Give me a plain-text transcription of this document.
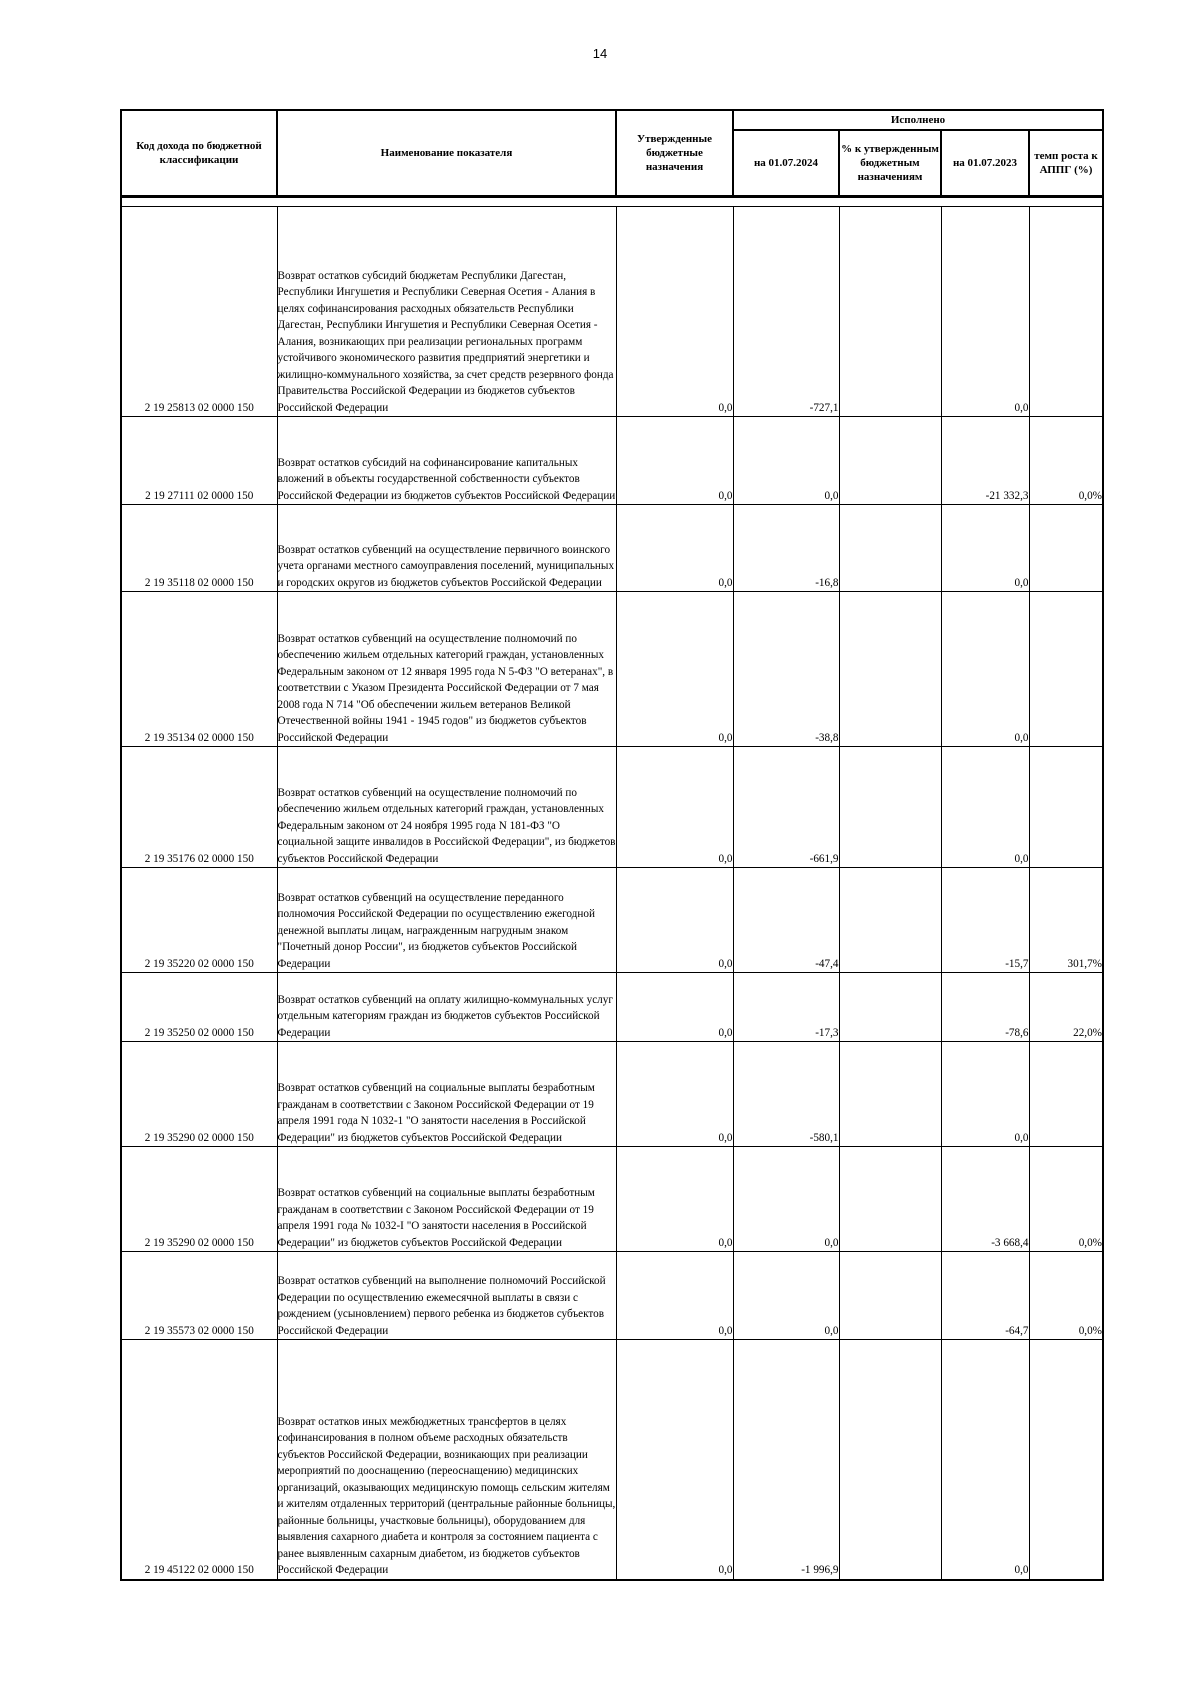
14
Код дохода по бюджетной классификации	Наименование показателя	Утвержденные бюджетные назначения	Исполнено			
			на 01.07.2024	% к утвержденным бюджетным назначениям	на 01.07.2023	темп роста к АППГ (%)

2 19 25813 02 0000 150	Возврат остатков субсидий бюджетам Республики Дагестан, Республики Ингушетия и Республики Северная Осетия - Алания в целях софинансирования расходных обязательств Республики Дагестан, Республики Ингушетия и Республики Северная Осетия - Алания, возникающих при реализации региональных программ устойчивого экономического развития предприятий энергетики и жилищно-коммунального хозяйства, за счет средств резервного фонда Правительства Российской Федерации из бюджетов субъектов Российской Федерации	0,0	-727,1		0,0	
2 19 27111 02 0000 150	Возврат остатков субсидий на софинансирование капитальных вложений в объекты государственной собственности субъектов Российской Федерации из бюджетов субъектов Российской Федерации	0,0	0,0		-21 332,3	0,0%
2 19 35118 02 0000 150	Возврат остатков субвенций на осуществление первичного воинского учета органами местного самоуправления поселений, муниципальных и городских округов из бюджетов субъектов Российской Федерации	0,0	-16,8		0,0	
2 19 35134 02 0000 150	Возврат остатков субвенций на осуществление полномочий по обеспечению жильем отдельных категорий граждан, установленных Федеральным законом от 12 января 1995 года N 5-ФЗ "О ветеранах", в соответствии с Указом Президента Российской Федерации от 7 мая 2008 года N 714 "Об обеспечении жильем ветеранов Великой Отечественной войны 1941 - 1945 годов" из бюджетов субъектов Российской Федерации	0,0	-38,8		0,0	
2 19 35176 02 0000 150	Возврат остатков субвенций на осуществление полномочий по обеспечению жильем отдельных категорий граждан, установленных Федеральным законом от 24 ноября 1995 года N 181-ФЗ "О социальной защите инвалидов в Российской Федерации", из бюджетов субъектов Российской Федерации	0,0	-661,9		0,0	
2 19 35220 02 0000 150	Возврат остатков субвенций на осуществление переданного полномочия Российской Федерации по осуществлению ежегодной денежной выплаты лицам, награжденным нагрудным знаком "Почетный донор России", из бюджетов субъектов Российской Федерации	0,0	-47,4		-15,7	301,7%
2 19 35250 02 0000 150	Возврат остатков субвенций на оплату жилищно-коммунальных услуг отдельным категориям граждан из бюджетов субъектов Российской Федерации	0,0	-17,3		-78,6	22,0%
2 19 35290 02 0000 150	Возврат остатков субвенций на социальные выплаты безработным гражданам в соответствии с Законом Российской Федерации от 19 апреля 1991 года N 1032-1 "О занятости населения в Российской Федерации" из бюджетов субъектов Российской Федерации	0,0	-580,1		0,0	
2 19 35290 02 0000 150	Возврат остатков субвенций на социальные выплаты безработным гражданам в соответствии с Законом Российской Федерации от 19 апреля 1991 года № 1032-I "О занятости населения в Российской Федерации" из бюджетов субъектов Российской Федерации	0,0	0,0		-3 668,4	0,0%
2 19 35573 02 0000 150	Возврат остатков субвенций на выполнение полномочий Российской Федерации по осуществлению ежемесячной выплаты в связи с рождением (усыновлением) первого ребенка из бюджетов субъектов Российской Федерации	0,0	0,0		-64,7	0,0%
2 19 45122 02 0000 150	Возврат остатков иных межбюджетных трансфертов в целях софинансирования в полном объеме расходных обязательств субъектов Российской Федерации, возникающих при реализации мероприятий по дооснащению (переоснащению) медицинских организаций, оказывающих медицинскую помощь сельским жителям и жителям отдаленных территорий (центральные районные больницы, районные больницы, участковые больницы), оборудованием для выявления сахарного диабета и контроля за состоянием пациента с ранее выявленным сахарным диабетом, из бюджетов субъектов Российской Федерации	0,0	-1 996,9		0,0	
